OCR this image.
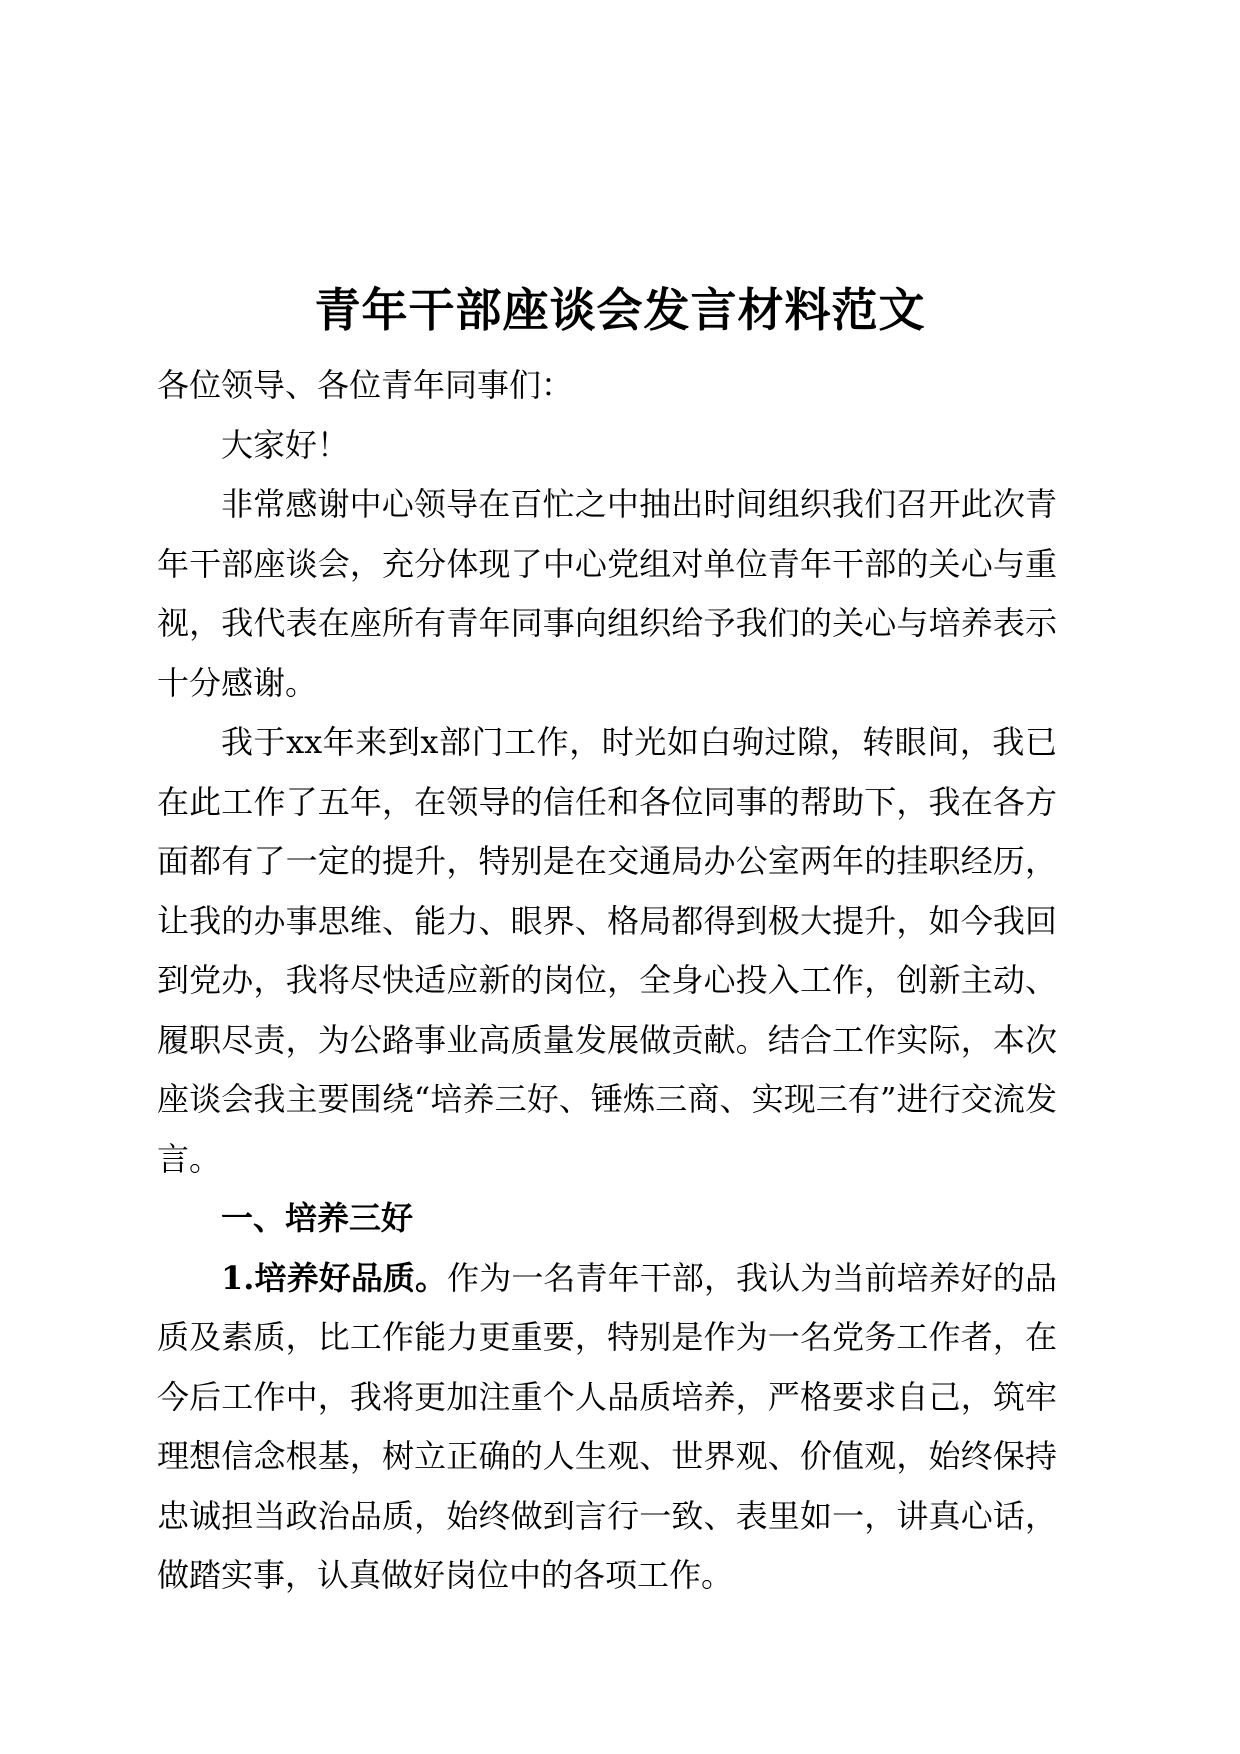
青年干部座谈会发言材料范文

各位领导、各位青年同事们：

大家好！

非常感谢中心领导在百忙之中抽出时间组织我们召开此次青年干部座谈会，充分体现了中心党组对单位青年干部的关心与重视，我代表在座所有青年同事向组织给予我们的关心与培养表示十分感谢。

我于xx年来到x部门工作，时光如白驹过隙，转眼间，我已在此工作了五年，在领导的信任和各位同事的帮助下，我在各方面都有了一定的提升，特别是在交通局办公室两年的挂职经历，让我的办事思维、能力、眼界、格局都得到极大提升，如今我回到党办，我将尽快适应新的岗位，全身心投入工作，创新主动、履职尽责，为公路事业高质量发展做贡献。结合工作实际，本次座谈会我主要围绕“培养三好、锤炼三商、实现三有”进行交流发言。

一、培养三好

1.培养好品质。作为一名青年干部，我认为当前培养好的品质及素质，比工作能力更重要，特别是作为一名党务工作者，在今后工作中，我将更加注重个人品质培养，严格要求自己，筑牢理想信念根基，树立正确的人生观、世界观、价值观，始终保持忠诚担当政治品质，始终做到言行一致、表里如一，讲真心话，做踏实事，认真做好岗位中的各项工作。
